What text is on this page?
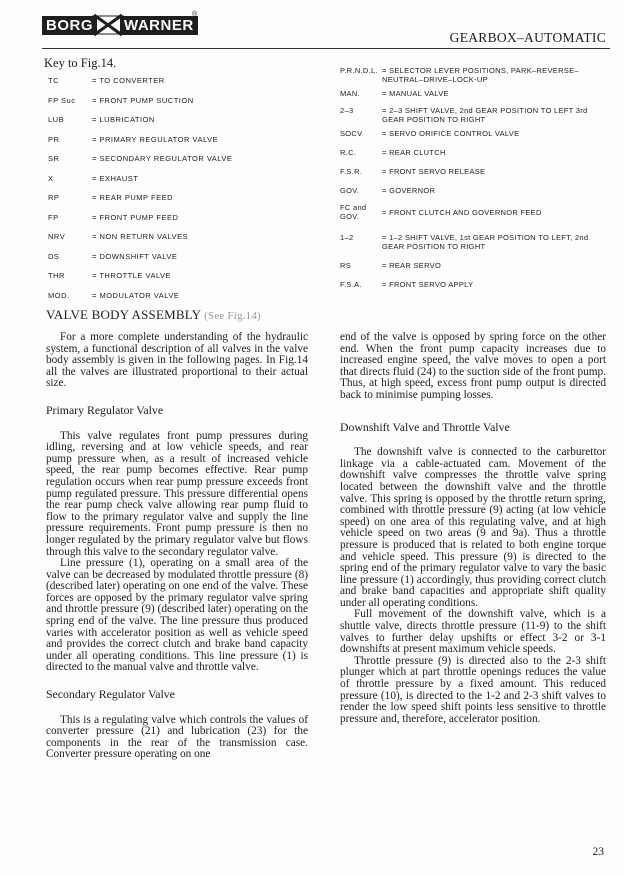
BORG WARNER
®
GEARBOX–AUTOMATIC
Key to Fig.14.
TC	= TO CONVERTER
FP Suc	= FRONT PUMP SUCTION
LUB	= LUBRICATION
PR	= PRIMARY REGULATOR VALVE
SR	= SECONDARY REGULATOR VALVE
X	= EXHAUST
RP	= REAR PUMP FEED
FP	= FRONT PUMP FEED
NRV	= NON RETURN VALVES
DS	= DOWNSHIFT VALVE
THR	= THROTTLE VALVE
MOD.	= MODULATOR VALVE
P.R.N.D.L. = SELECTOR LEVER POSITIONS, PARK–REVERSE–NEUTRAL–DRIVE–LOCK-UP
MAN.	= MANUAL VALVE
2–3	= 2–3 SHIFT VALVE, 2nd GEAR POSITION TO LEFT 3rd GEAR POSITION TO RIGHT
SOCV	= SERVO ORIFICE CONTROL VALVE
R.C.	= REAR CLUTCH
F.S.R.	= FRONT SERVO RELEASE
GOV.	= GOVERNOR
FC and GOV.	= FRONT CLUTCH AND GOVERNOR FEED
1–2	= 1–2 SHIFT VALVE, 1st GEAR POSITION TO LEFT, 2nd GEAR POSITION TO RIGHT
RS	= REAR SERVO
F.S.A.	= FRONT SERVO APPLY
VALVE BODY ASSEMBLY (See Fig.14)

For a more complete understanding of the hydraulic system, a functional description of all valves in the valve body assembly is given in the following pages. In Fig.14 all the valves are illustrated proportional to their actual size.

Primary Regulator Valve

This valve regulates front pump pressures during idling, reversing and at low vehicle speeds, and rear pump pressure when, as a result of increased vehicle speed, the rear pump becomes effective. Rear pump regulation occurs when rear pump pressure exceeds front pump regulated pressure. This pressure differential opens the rear pump check valve allowing rear pump fluid to flow to the primary regulator valve and supply the line pressure requirements. Front pump pressure is then no longer regulated by the primary regulator valve but flows through this valve to the secondary regulator valve.

Line pressure (1), operating on a small area of the valve can be decreased by modulated throttle pressure (8) (described later) operating on one end of the valve. These forces are opposed by the primary regulator valve spring and throttle pressure (9) (described later) operating on the spring end of the valve. The line pressure thus produced varies with accelerator position as well as vehicle speed and provides the correct clutch and brake band capacity under all operating conditions. This line pressure (1) is directed to the manual valve and throttle valve.

Secondary Regulator Valve

This is a regulating valve which controls the values of converter pressure (21) and lubrication (23) for the components in the rear of the transmission case. Converter pressure operating on one

end of the valve is opposed by spring force on the other end. When the front pump capacity increases due to increased engine speed, the valve moves to open a port that directs fluid (24) to the suction side of the front pump. Thus, at high speed, excess front pump output is directed back to minimise pumping losses.

Downshift Valve and Throttle Valve

The downshift valve is connected to the carburettor linkage via a cable-actuated cam. Movement of the downshift valve compresses the throttle valve spring located between the downshift valve and the throttle valve. This spring is opposed by the throttle return spring, combined with throttle pressure (9) acting (at low vehicle speed) on one area of this regulating valve, and at high vehicle speed on two areas (9 and 9a). Thus a throttle pressure is produced that is related to both engine torque and vehicle speed. This pressure (9) is directed to the spring end of the primary regulator valve to vary the basic line pressure (1) accordingly, thus providing correct clutch and brake band capacities and appropriate shift quality under all operating conditions.

Full movement of the downshift valve, which is a shuttle valve, directs throttle pressure (11-9) to the shift valves to further delay upshifts or effect 3-2 or 3-1 downshifts at present maximum vehicle speeds.

Throttle pressure (9) is directed also to the 2-3 shift plunger which at part throttle openings reduces the value of throttle pressure by a fixed amount. This reduced pressure (10), is directed to the 1-2 and 2-3 shift valves to render the low speed shift points less sensitive to throttle pressure and, therefore, accelerator position.

23
